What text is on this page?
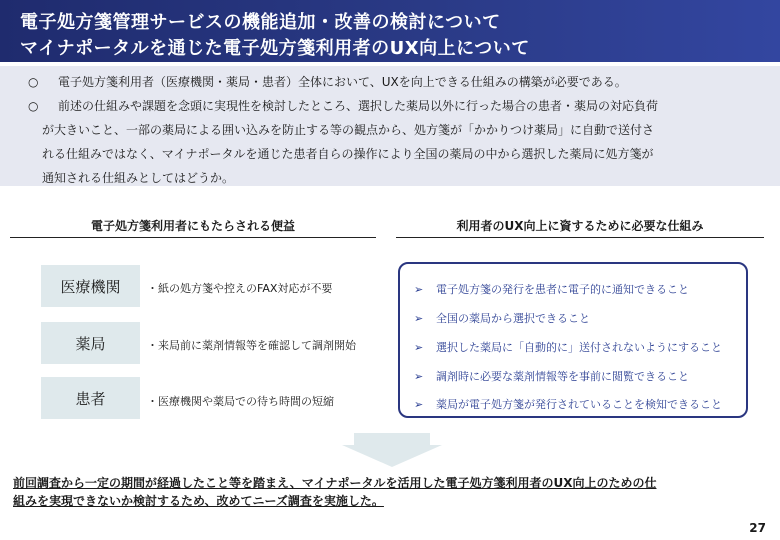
電子処方箋管理サービスの機能追加・改善の検討について
マイナポータルを通じた電子処方箋利用者のUX向上について
○ 電子処方箋利用者（医療機関・薬局・患者）全体において、UXを向上できる仕組みの構築が必要である。
○ 前述の仕組みや課題を念頭に実現性を検討したところ、選択した薬局以外に行った場合の患者・薬局の対応負荷
が大きいこと、一部の薬局による囲い込みを防止する等の観点から、処方箋が「かかりつけ薬局」に自動で送付さ
れる仕組みではなく、マイナポータルを通じた患者自らの操作により全国の薬局の中から選択した薬局に処方箋が
通知される仕組みとしてはどうか。
電子処方箋利用者にもたらされる便益	利用者のUX向上に資するために必要な仕組み
医療機関	・紙の処方箋や控えのFAX対応が不要
薬局	・来局前に薬剤情報等を確認して調剤開始
患者	・医療機関や薬局での待ち時間の短縮
➢ 電子処方箋の発行を患者に電子的に通知できること
➢ 全国の薬局から選択できること
➢ 選択した薬局に「自動的に」送付されないようにすること
➢ 調剤時に必要な薬剤情報等を事前に閲覧できること
➢ 薬局が電子処方箋が発行されていることを検知できること
前回調査から一定の期間が経過したこと等を踏まえ、マイナポータルを活用した電子処方箋利用者のUX向上のための仕
組みを実現できないか検討するため、改めてニーズ調査を実施した。
27
